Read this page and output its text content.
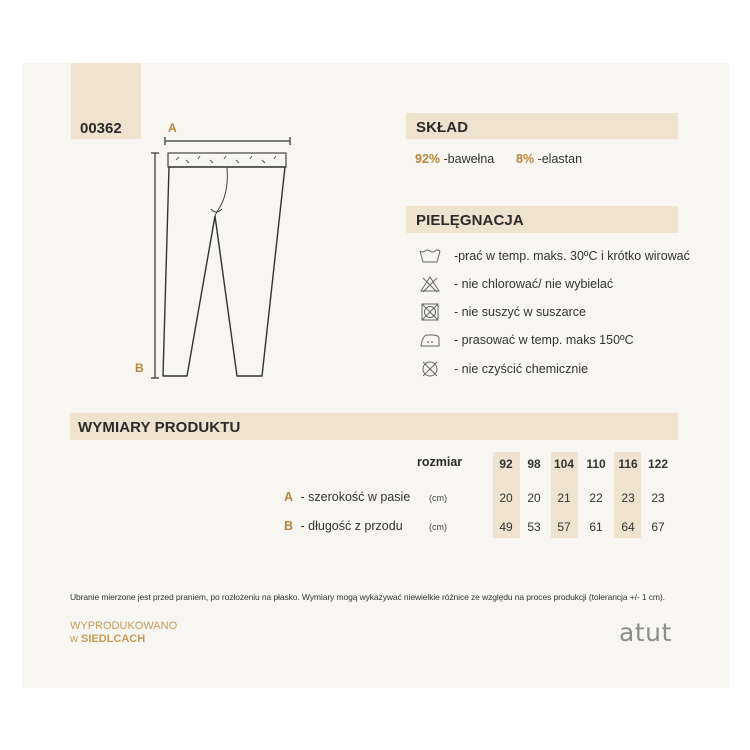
00362	A
B
SKŁAD
92% -bawełna 8% -elastan
PIELĘGNACJA
-prać w temp. maks. 30ºC i krótko wirować
- nie chlorować/ nie wybielać
- nie suszyć w suszarce
- prasować w temp. maks 150ºC
- nie czyścić chemicznie
WYMIARY PRODUKTU
rozmiar	92	98	104	110	116 122
A - szerokość w pasie (cm)	20	20	21	22	23	23
B - długość z przodu	(cm)	49	53	57	61	64	67
Ubranie mierzone jest przed praniem, po rozłożeniu na płasko. Wymiary mogą wykazywać niewielkie różnice ze względu na proces produkcji (tolerancja +/- 1 cm).
WYPRODUKOWANO
w SIEDLCACH	atut
